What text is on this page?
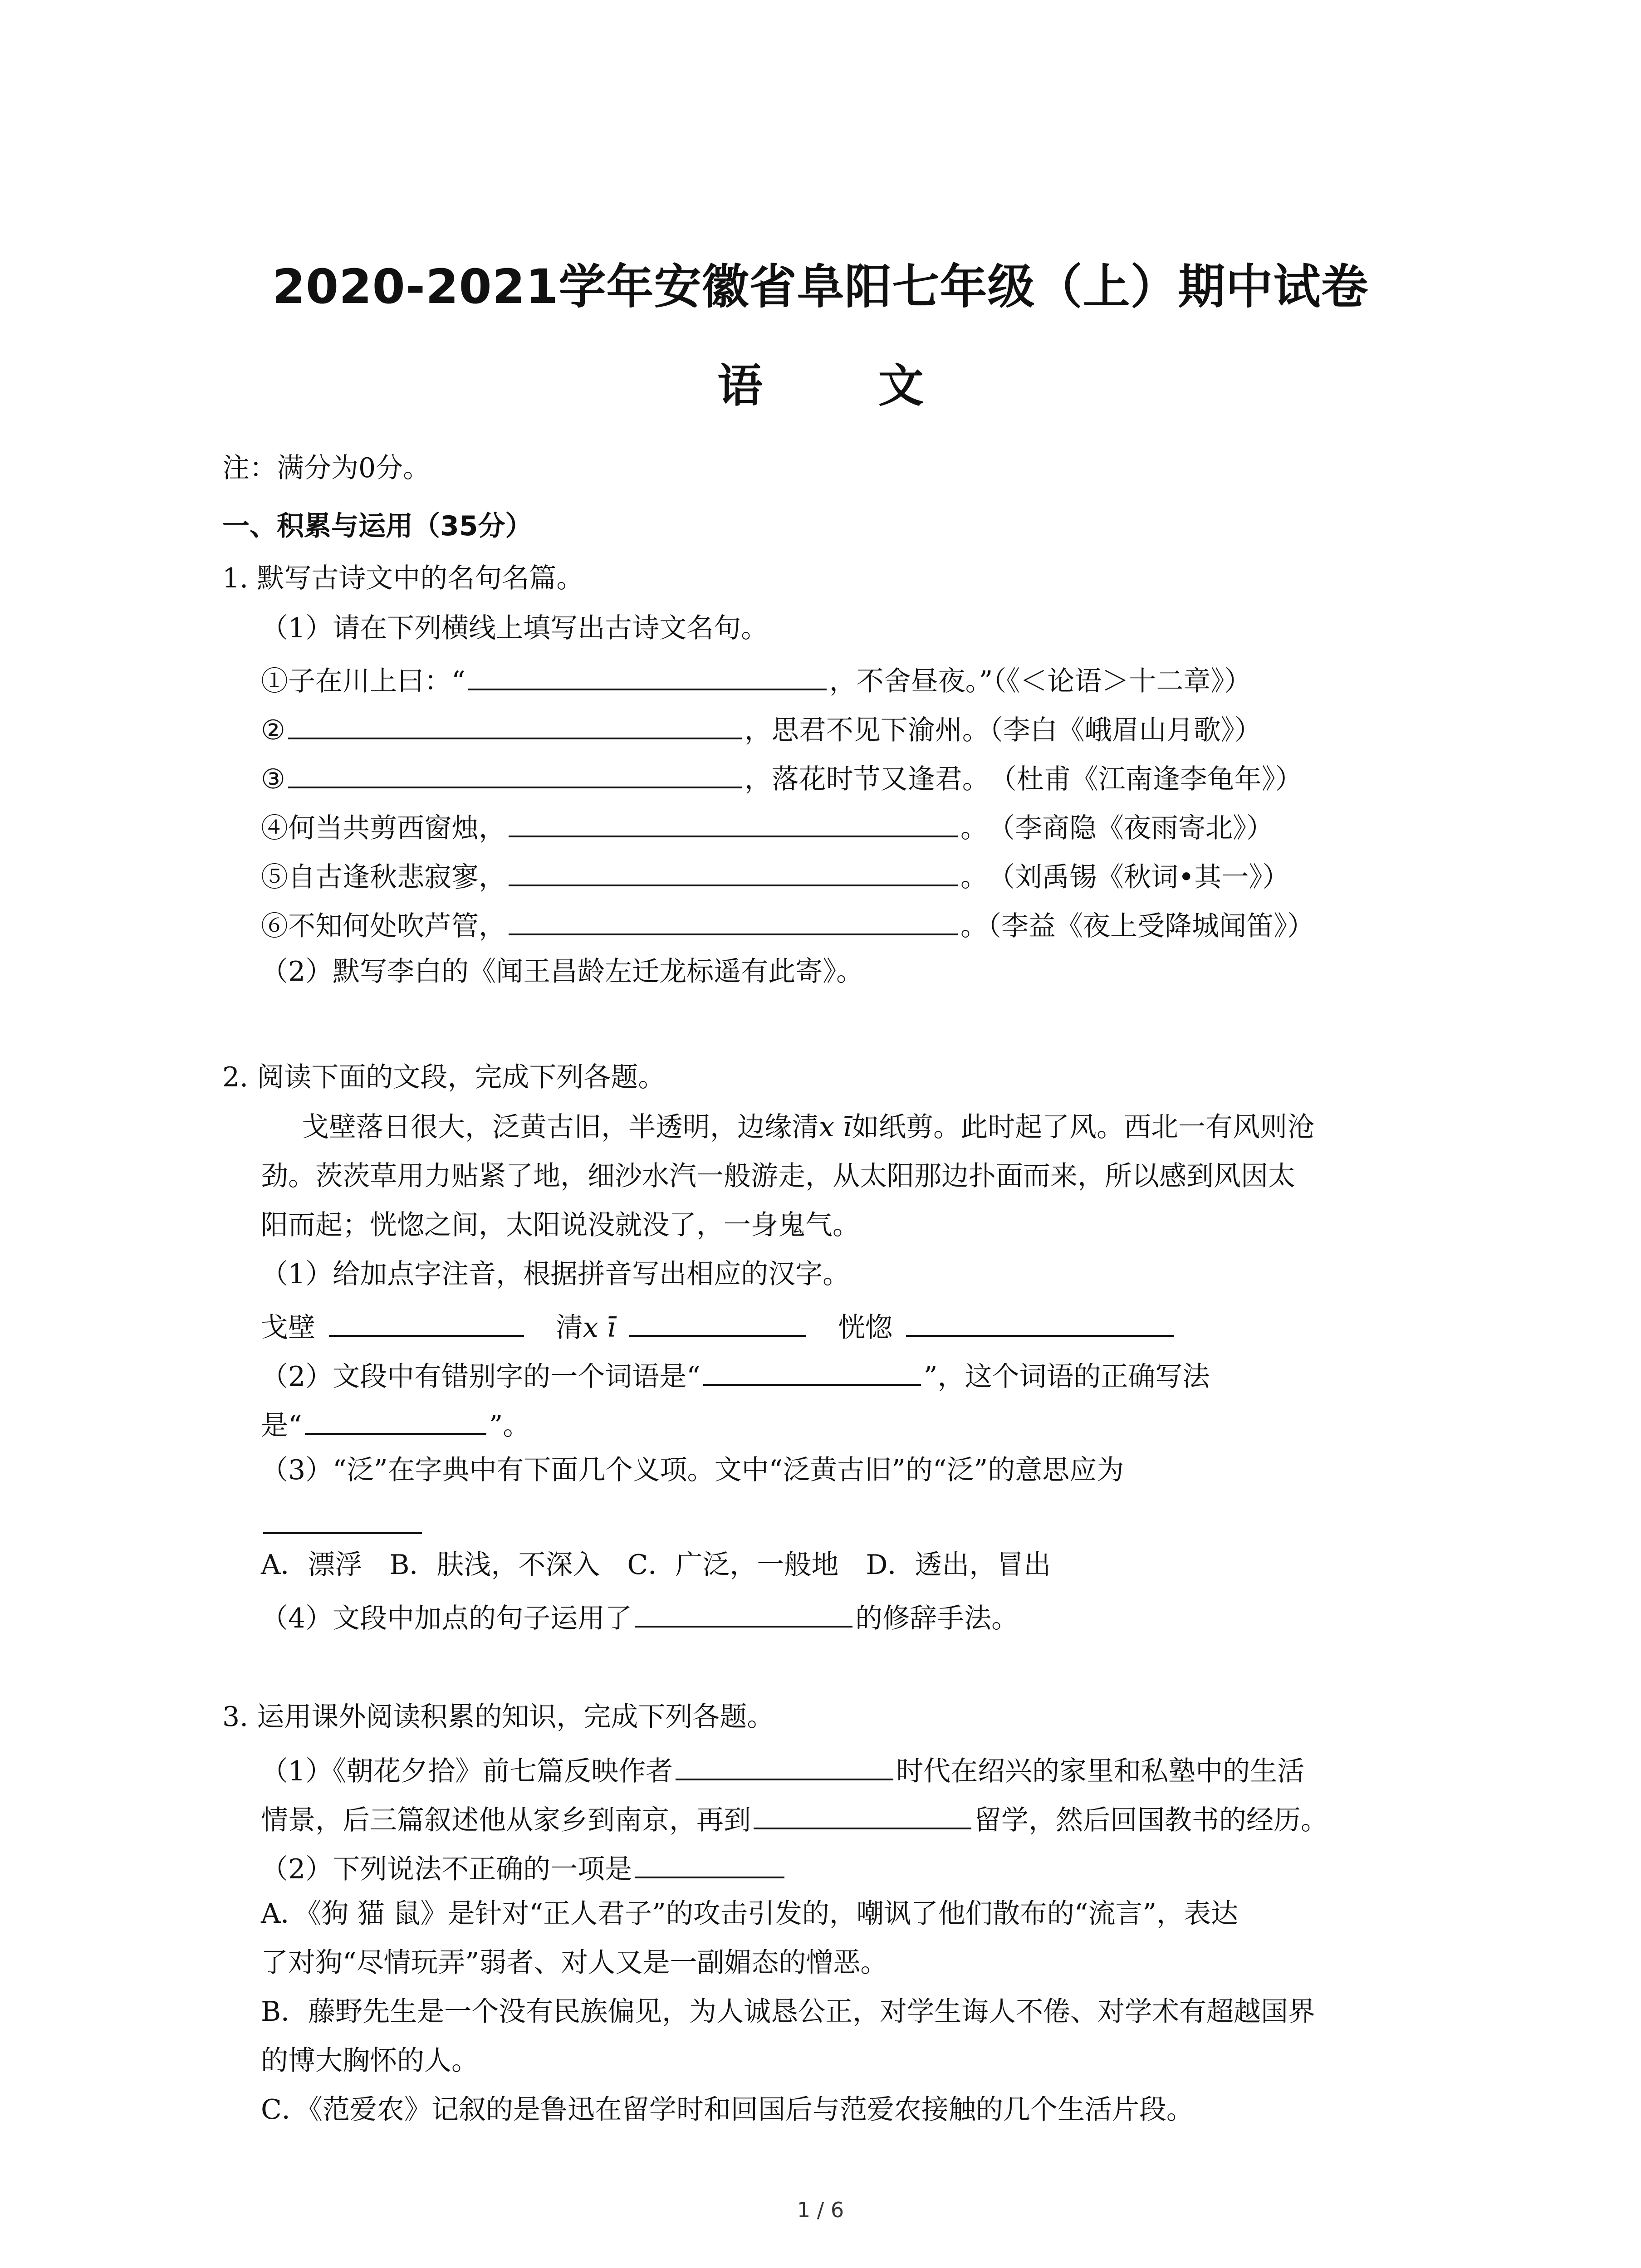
2020-2021学年安徽省阜阳七年级（上）期中试卷
语 文
注：满分为0分。
一、积累与运用（35分）
1. 默写古诗文中的名句名篇。
（1）请在下列横线上填写出古诗文名句。
①子在川上曰：“	，不舍昼夜。”（《＜论语＞十二章》）
②	，思君不见下渝州。（李白《峨眉山月歌》）
③	，落花时节又逢君。　（杜甫《江南逢李龟年》）
④何当共剪西窗烛，	。　（李商隐《夜雨寄北》）
⑤自古逢秋悲寂寥，	。　（刘禹锡《秋词•其一》）
⑥不知何处吹芦管，	。（李益《夜上受降城闻笛》）
（2）默写李白的《闻王昌龄左迁龙标遥有此寄》。
2. 阅读下面的文段，完成下列各题。
戈壁落日很大，泛黄古旧，半透明，边缘清x ī如纸剪。此时起了风。西北一有风则沧
劲。茨茨草用力贴紧了地，细沙水汽一般游走，从太阳那边扑面而来，所以感到风因太
阳而起；恍惚之间，太阳说没就没了，一身鬼气。
（1）给加点字注音，根据拼音写出相应的汉字。
戈壁	清x ī	恍惚
（2）文段中有错别字的一个词语是“	”，这个词语的正确写法
是“	”。
（3）“泛”在字典中有下面几个义项。文中“泛黄古旧”的“泛”的意思应为
A．漂浮　B．肤浅，不深入　C．广泛，一般地　D．透出，冒出
（4）文段中加点的句子运用了	的修辞手法。
3. 运用课外阅读积累的知识，完成下列各题。
（1）《朝花夕拾》前七篇反映作者	时代在绍兴的家里和私塾中的生活
情景，后三篇叙述他从家乡到南京，再到	留学，然后回国教书的经历。
（2）下列说法不正确的一项是
A．《狗 猫 鼠》是针对“正人君子”的攻击引发的，嘲讽了他们散布的“流言”，表达
了对狗“尽情玩弄”弱者、对人又是一副媚态的憎恶。
B．藤野先生是一个没有民族偏见，为人诚恳公正，对学生诲人不倦、对学术有超越国界
的博大胸怀的人。
C．《范爱农》记叙的是鲁迅在留学时和回国后与范爱农接触的几个生活片段。
1 / 6
